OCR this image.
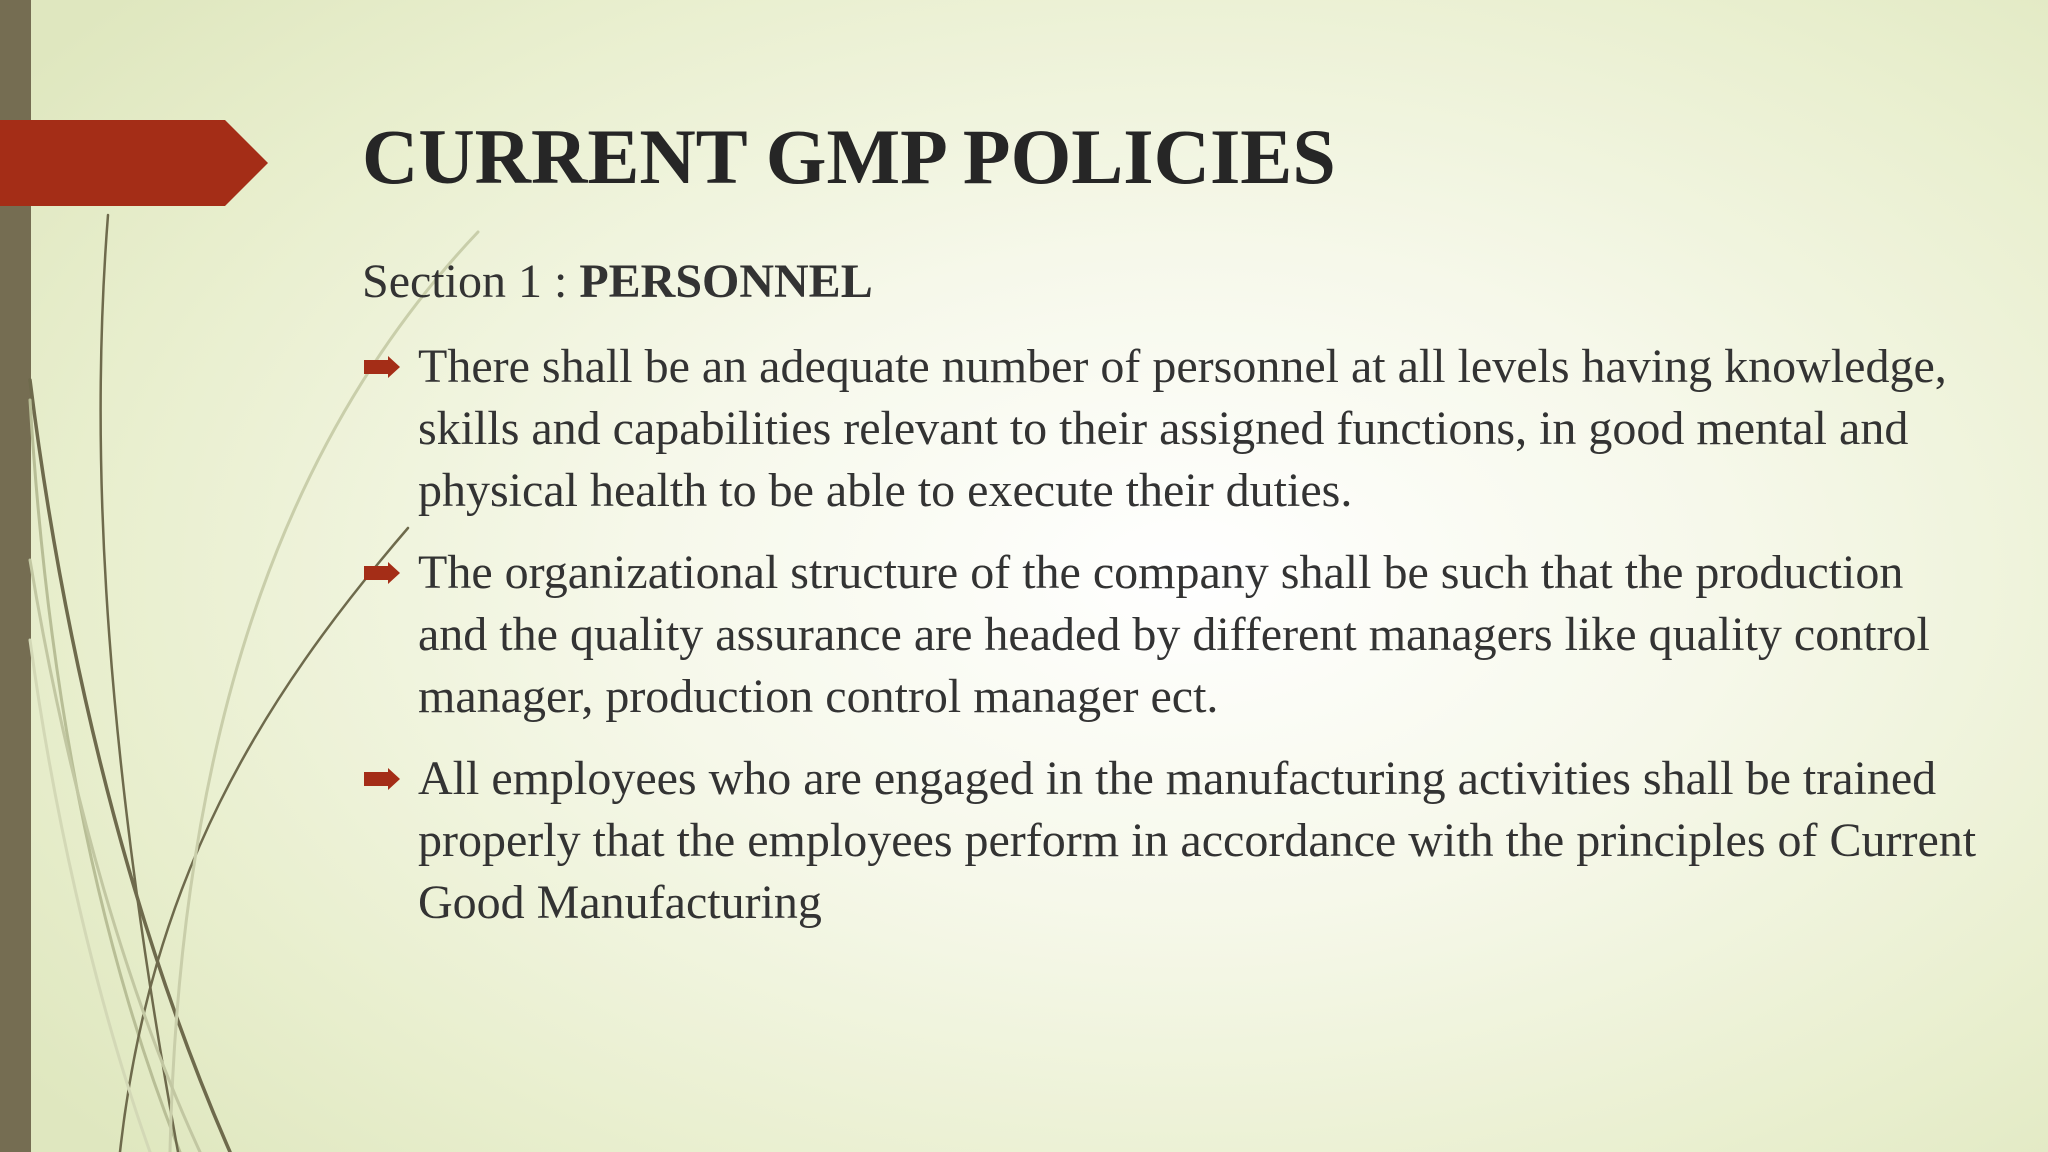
CURRENT GMP POLICIES

Section 1 : PERSONNEL

There shall be an adequate number of personnel at all levels having knowledge, skills and capabilities relevant to their assigned functions, in good mental and physical health to be able to execute their duties.
The organizational structure of the company shall be such that the production and the quality assurance are headed by different managers like quality control manager, production control manager ect.
All employees who are engaged in the manufacturing activities shall be trained properly that the employees perform in accordance with the principles of Current Good Manufacturing
